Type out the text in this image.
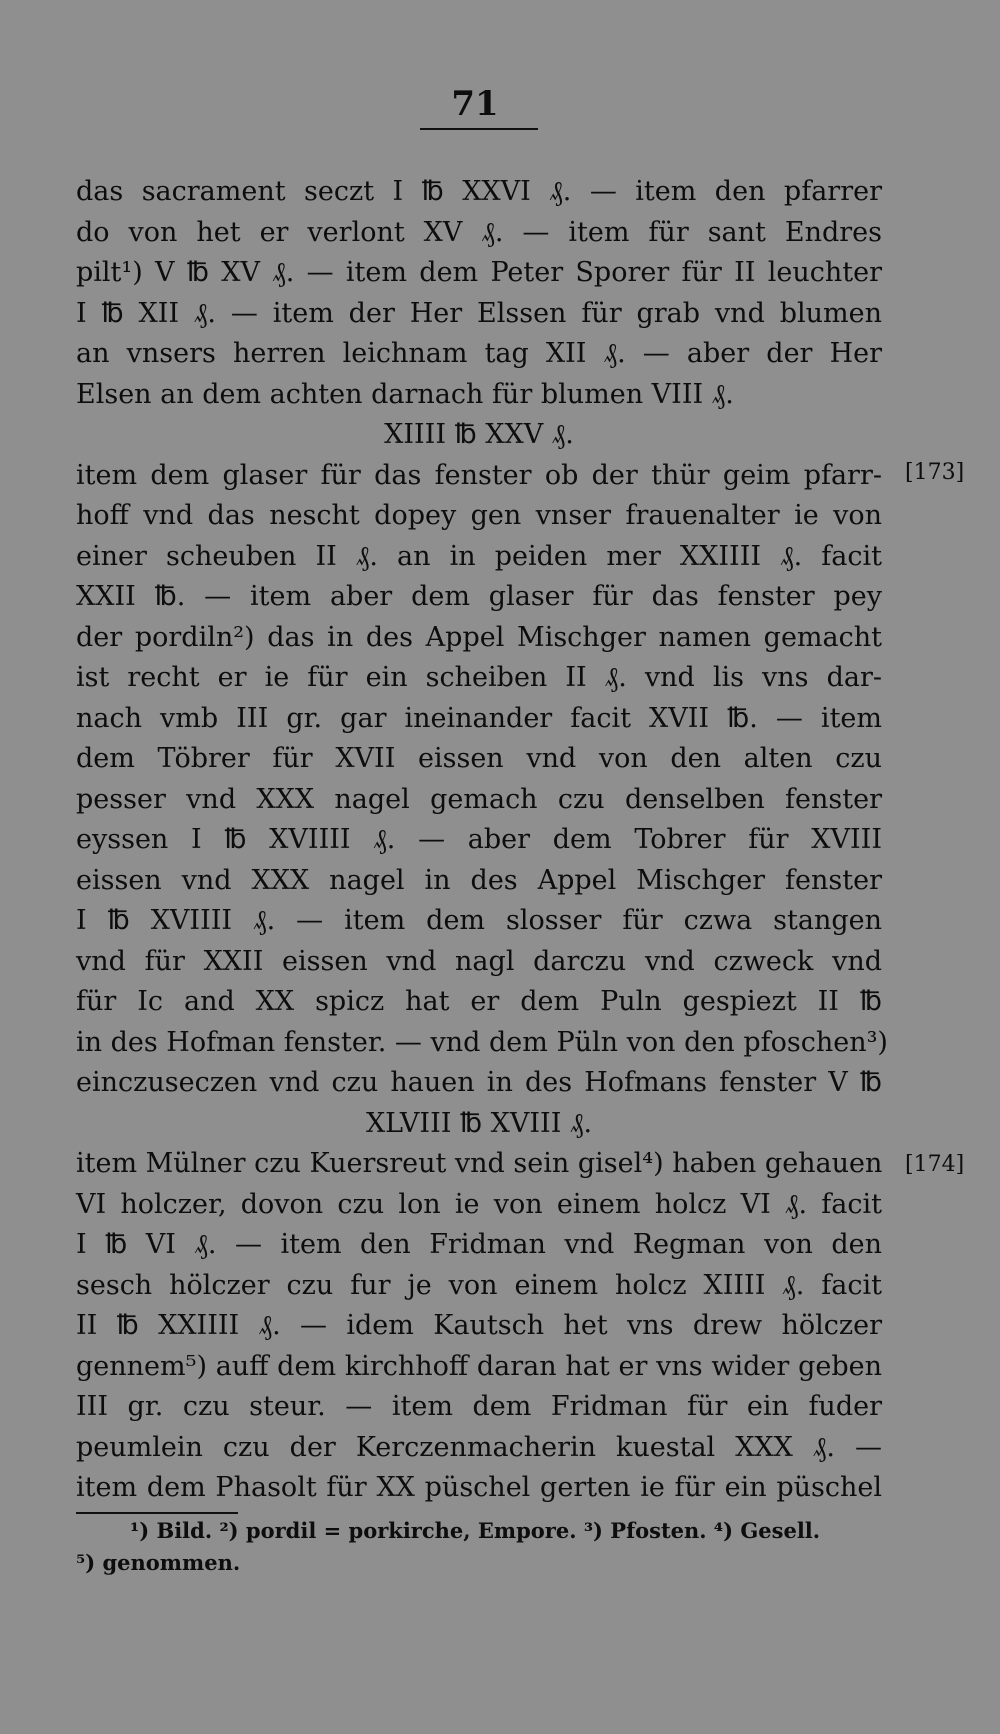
71
das sacrament seczt I ℔ XXVI ₰. — item den pfarrer
do von het er verlont XV ₰. — item für sant Endres
pilt¹) V ℔ XV ₰. — item dem Peter Sporer für II leuchter
I ℔ XII ₰. — item der Her Elssen für grab vnd blumen
an vnsers herren leichnam tag XII ₰. — aber der Her
Elsen an dem achten darnach für blumen VIII ₰.
XIIII ℔ XXV ₰.
item dem glaser für das fenster ob der thür geim pfarr-
hoff vnd das nescht dopey gen vnser frauenalter ie von
einer scheuben II ₰. an in peiden mer XXIIII ₰. facit
XXII ℔. — item aber dem glaser für das fenster pey
der pordiln²) das in des Appel Mischger namen gemacht
ist recht er ie für ein scheiben II ₰. vnd lis vns dar-
nach vmb III gr. gar ineinander facit XVII ℔. — item
dem Töbrer für XVII eissen vnd von den alten czu
pesser vnd XXX nagel gemach czu denselben fenster
eyssen I ℔ XVIIII ₰. — aber dem Tobrer für XVIII
eissen vnd XXX nagel in des Appel Mischger fenster
I ℔ XVIIII ₰. — item dem slosser für czwa stangen
vnd für XXII eissen vnd nagl darczu vnd czweck vnd
für Ic and XX spicz hat er dem Puln gespiezt II ℔
in des Hofman fenster. — vnd dem Püln von den pfoschen³)
einczuseczen vnd czu hauen in des Hofmans fenster V ℔
XLVIII ℔ XVIII ₰.
item Mülner czu Kuersreut vnd sein gisel⁴) haben gehauen
VI holczer, dovon czu lon ie von einem holcz VI ₰. facit
I ℔ VI ₰. — item den Fridman vnd Regman von den
sesch hölczer czu fur je von einem holcz XIIII ₰. facit
II ℔ XXIIII ₰. — idem Kautsch het vns drew hölczer
gennem⁵) auff dem kirchhoff daran hat er vns wider geben
III gr. czu steur. — item dem Fridman für ein fuder
peumlein czu der Kerczenmacherin kuestal XXX ₰. —
item dem Phasolt für XX püschel gerten ie für ein püschel
[173]
[174]
¹) Bild. ²) pordil = porkirche, Empore. ³) Pfosten. ⁴) Gesell.
⁵) genommen.
